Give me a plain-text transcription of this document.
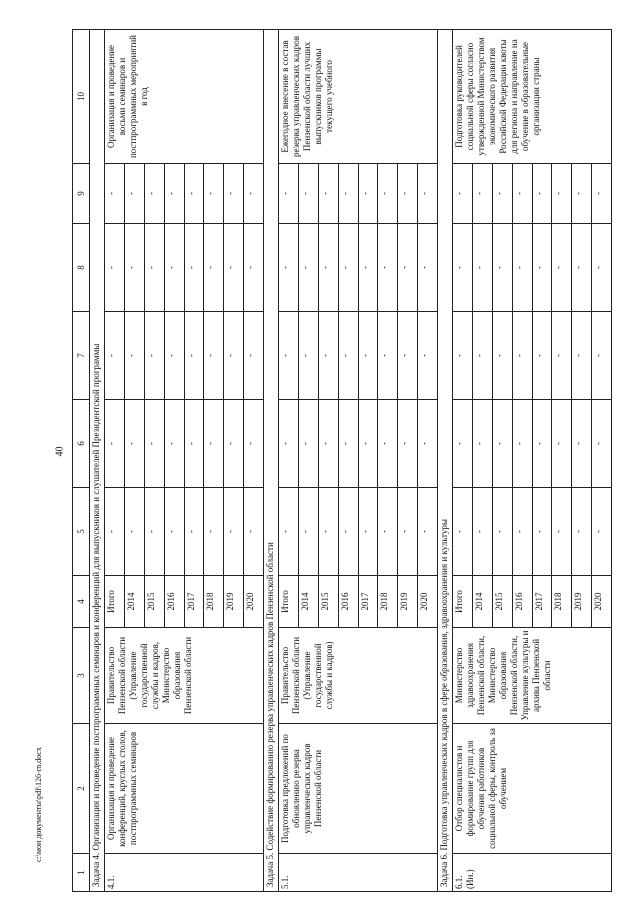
40
c:\мои документы\pdf\126-rn.docx
1	2	3	4	5	6	7	8	9	10
Задача 4. Организация и проведение постпрограммных семинаров и конференций для выпускников и слушателей Президентской программы									
4.1.	Организация и проведение конференций, круглых столов, постпрограммных семинаров	Правительство Пензенской области (Управление государственной службы и кадров, Министерство образования Пензенской области	Итого	-	-	-	-	-	Организация и проведение восьми семинаров и постпрограммных мероприятий в год
			2014	-	-	-	-	-	
			2015	-	-	-	-	-	
			2016	-	-	-	-	-	
			2017	-	-	-	-	-	
			2018	-	-	-	-	-	
			2019	-	-	-	-	-	
			2020	-	-	-	-	-	
Задача 5. Содействие формированию резерва управленческих кадров Пензенской области									
5.1.	Подготовка предложений по обновлению резерва управленческих кадров Пензенской области	Правительство Пензенской области (Управление государственной службы и кадров)	Итого	-	-	-	-	-	Ежегодное внесение в состав резерва управленческих кадров Пензенской области лучших выпускников программы текущего учебного
			2014	-	-	-	-	-	
			2015	-	-	-	-	-	
			2016	-	-	-	-	-	
			2017	-	-	-	-	-	
			2018	-	-	-	-	-	
			2019	-	-	-	-	-	
			2020	-	-	-	-	-	
Задача 6. Подготовка управленческих кадров в сфере образования, здравоохранения и культуры									
6.1. (Ин.)	Отбор специалистов и формирование групп для обучения работников социальной сферы, контроль за обучением	Министерство здравоохранения Пензенской области, Министерство образования Пензенской области, Управление культуры и архива Пензенской области	Итого	-	-	-	-	-	Подготовка руководителей социальной сферы согласно утвержденной Министерством экономического развития Российской Федерации квоты для региона и направление на обучение в образовательные организации страны
			2014	-	-	-	-	-	
			2015	-	-	-	-	-	
			2016	-	-	-	-	-	
			2017	-	-	-	-	-	
			2018	-	-	-	-	-	
			2019	-	-	-	-	-	
			2020	-	-	-	-	-	
